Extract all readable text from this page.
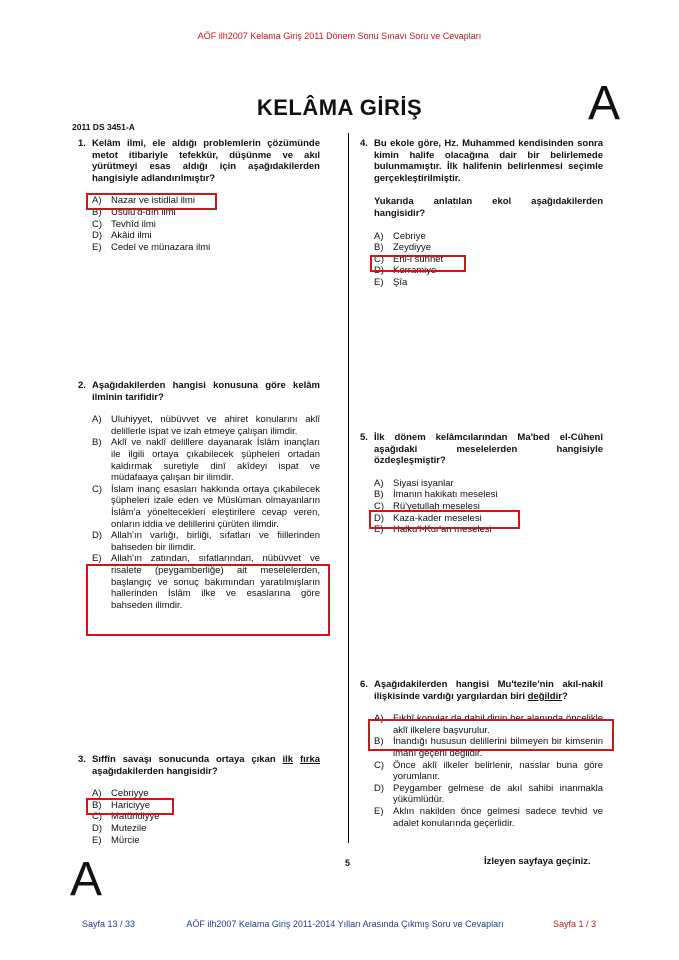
AÖF ilh2007 Kelama Giriş 2011 Dönem Sonu Sınavı Soru ve Cevapları
KELÂMA GİRİŞ	A
2011 DS 3451-A
1. Kelâm ilmi, ele aldığı problemlerin çözümünde metot itibariyle tefekkür, düşünme ve akıl yürütmeyi esas aldığı için aşağıdakilerden hangisiyle adlandırılmıştır?
A)	Nazar ve istidlal ilmi
B)	Usûlü'd-dîn ilmi
C) Tevhîd ilmi
D) Akâid ilmi
E)	Cedel ve münazara ilmi
2. Aşağıdakilerden hangisi konusuna göre kelâm ilminin tarifidir?
A)	Uluhiyyet, nübüvvet ve ahiret konularını aklî delillerle ispat ve izah etmeye çalışan ilimdir.
B)	Aklî ve naklî delillere dayanarak İslâm inançları ile ilgili ortaya çıkabilecek şüpheleri ortadan kaldırmak suretiyle dinî akîdeyi ispat ve müdafaaya çalışan bir ilimdir.
C) İslam inanç esasları hakkında ortaya çıkabilecek şüpheleri izale eden ve Müslüman olmayanların İslâm'a yöneltecekleri eleştirilere cevap veren, onların iddia ve delillerini çürüten ilimdir.
D) Allah'ın varlığı, birliği, sıfatları ve fiillerinden bahseden bir ilimdir.
E)	Allah'ın zatından, sıfatlarından, nübüvvet ve risalete (peygamberliğe) ait meselelerden, başlangıç ve sonuç bakımından yaratılmışların hallerinden İslâm ilke ve esaslarına göre bahseden ilimdir.
3. Sıffîn savaşı sonucunda ortaya çıkan ilk fırka aşağıdakilerden hangisidir?
A)	Cebriyye
B)	Hariciyye
C) Matüridiyye
D) Mutezile
E)	Mürcie
4. Bu ekole göre, Hz. Muhammed kendisinden sonra kimin halife olacağına dair bir belirlemede bulunmamıştır. İlk halifenin belirlenmesi seçimle gerçekleştirilmiştir.
Yukarıda anlatılan ekol aşağıdakilerden hangisidir?
A)	Cebriye
B)	Zeydiyye
C) Ehl-i sünnet
D) Kerramiye
E)	Şîa
5. İlk dönem kelâmcılarından Ma'bed el-Cühenî aşağıdaki meselelerden hangisiyle özdeşleşmiştir?
A)	Siyasi isyanlar
B)	İmanın hakikatı meselesi
C) Rü'yetullah meselesi
D) Kaza-kader meselesi
E)	Halku'l-Kur'an meselesi
6. Aşağıdakilerden hangisi Mu'tezile'nin akıl-nakil ilişkisinde vardığı yargılardan biri değildir?
A)	Fıkhî konular da dahil dinin her alanında öncelikle aklî ilkelere başvurulur.
B)	İnandığı hususun delillerini bilmeyen bir kimsenin imanı geçerli değildir.
C) Önce aklî ilkeler belirlenir, nasslar buna göre yorumlanır.
D) Peygamber gelmese de akıl sahibi inanmakla yükümlüdür.
E)	Aklın nakilden önce gelmesi sadece tevhid ve adalet konularında geçerlidir.
5	İzleyen sayfaya geçiniz.
A
Sayfa 13 / 33	AÖF ilh2007 Kelama Giriş 2011-2014 Yılları Arasında Çıkmış Soru ve Cevapları	Sayfa 1 / 3
